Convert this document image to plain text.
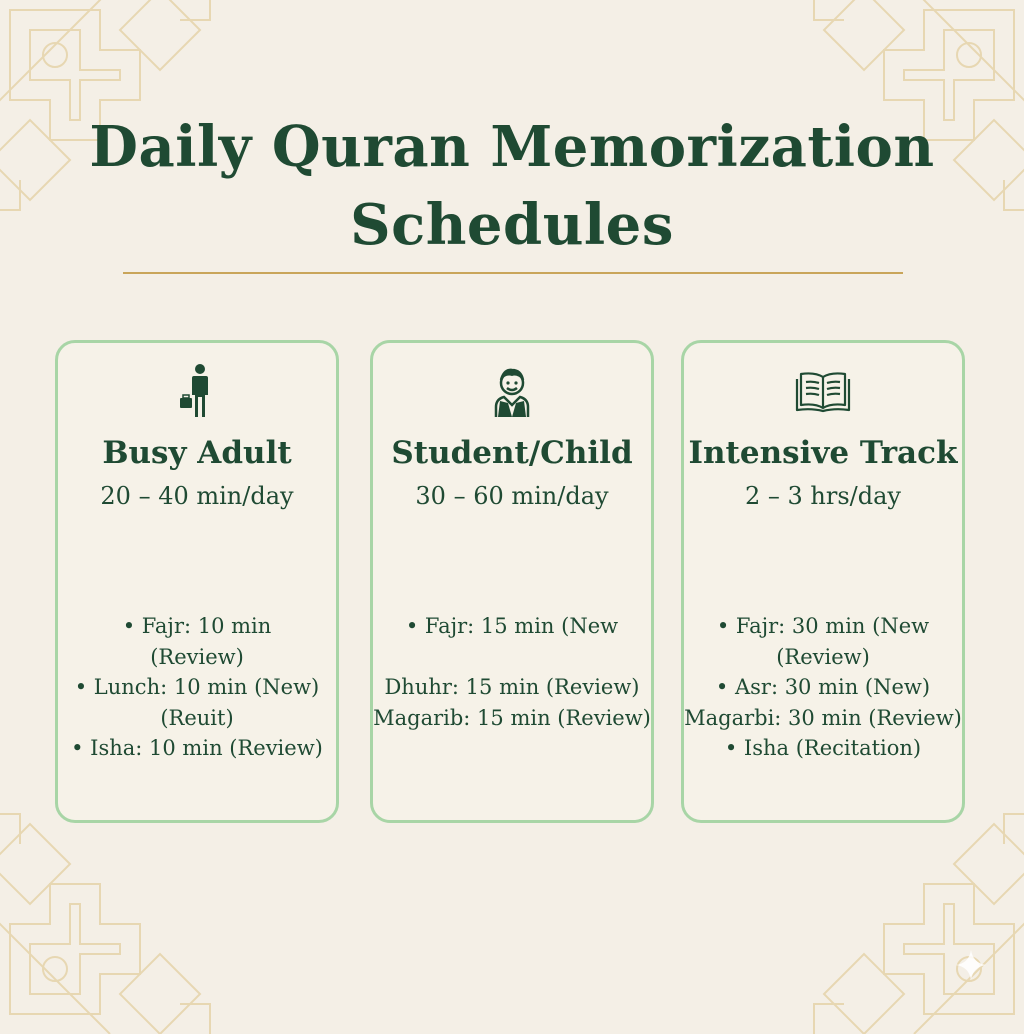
Daily Quran Memorization
Schedules
Busy Adult
20 – 40 min/day
• Fajr: 10 min
(Review)
• Lunch: 10 min (New)
(Reuit)
• Isha: 10 min (Review)
Student/Child
30 – 60 min/day
• Fajr: 15 min (New
Dhuhr: 15 min (Review)
Magarib: 15 min (Review)
Intensive Track
2 – 3 hrs/day
• Fajr: 30 min (New
(Review)
• Asr: 30 min (New)
Magarbi: 30 min (Review)
• Isha (Recitation)
